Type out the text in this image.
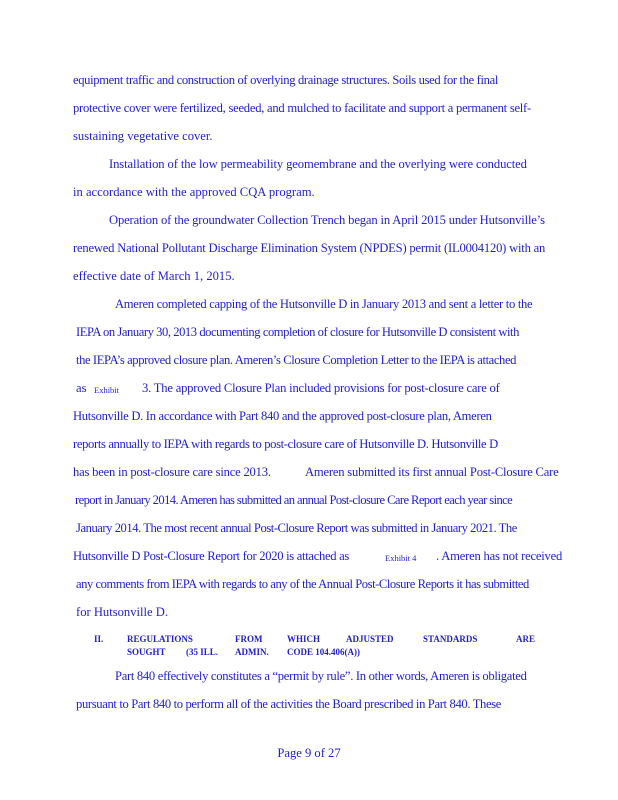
equipment traffic and construction of overlying drainage structures. Soils used for the final
protective cover were fertilized, seeded, and mulched to facilitate and support a permanent self-
sustaining vegetative cover.
Installation of the low permeability geomembrane and the overlying were conducted
in accordance with the approved CQA program.
Operation of the groundwater Collection Trench began in April 2015 under Hutsonville’s
renewed National Pollutant Discharge Elimination System (NPDES) permit (IL0004120) with an
effective date of March 1, 2015.
Ameren completed capping of the Hutsonville D in January 2013 and sent a letter to the
IEPA on January 30, 2013 documenting completion of closure for Hutsonville D consistent with
the IEPA’s approved closure plan. Ameren’s Closure Completion Letter to the IEPA is attached
as Exhibit 3. The approved Closure Plan included provisions for post-closure care of
Hutsonville D. In accordance with Part 840 and the approved post-closure plan, Ameren
reports annually to IEPA with regards to post-closure care of Hutsonville D. Hutsonville D
has been in post-closure care since 2013.	Ameren submitted its first annual Post-Closure Care
report in January 2014. Ameren has submitted an annual Post-closure Care Report each year since
January 2014. The most recent annual Post-Closure Report was submitted in January 2021. The
Hutsonville D Post-Closure Report for 2020 is attached as	Exhibit 4 . Ameren has not received
any comments from IEPA with regards to any of the Annual Post-Closure Reports it has submitted
for Hutsonville D.
II.	REGULATIONS	FROM	WHICH	ADJUSTED	STANDARDS	ARE
SOUGHT (35 ILL. ADMIN. CODE 104.406(A))
Part 840 effectively constitutes a “permit by rule”. In other words, Ameren is obligated
pursuant to Part 840 to perform all of the activities the Board prescribed in Part 840. These
Page 9 of 27
